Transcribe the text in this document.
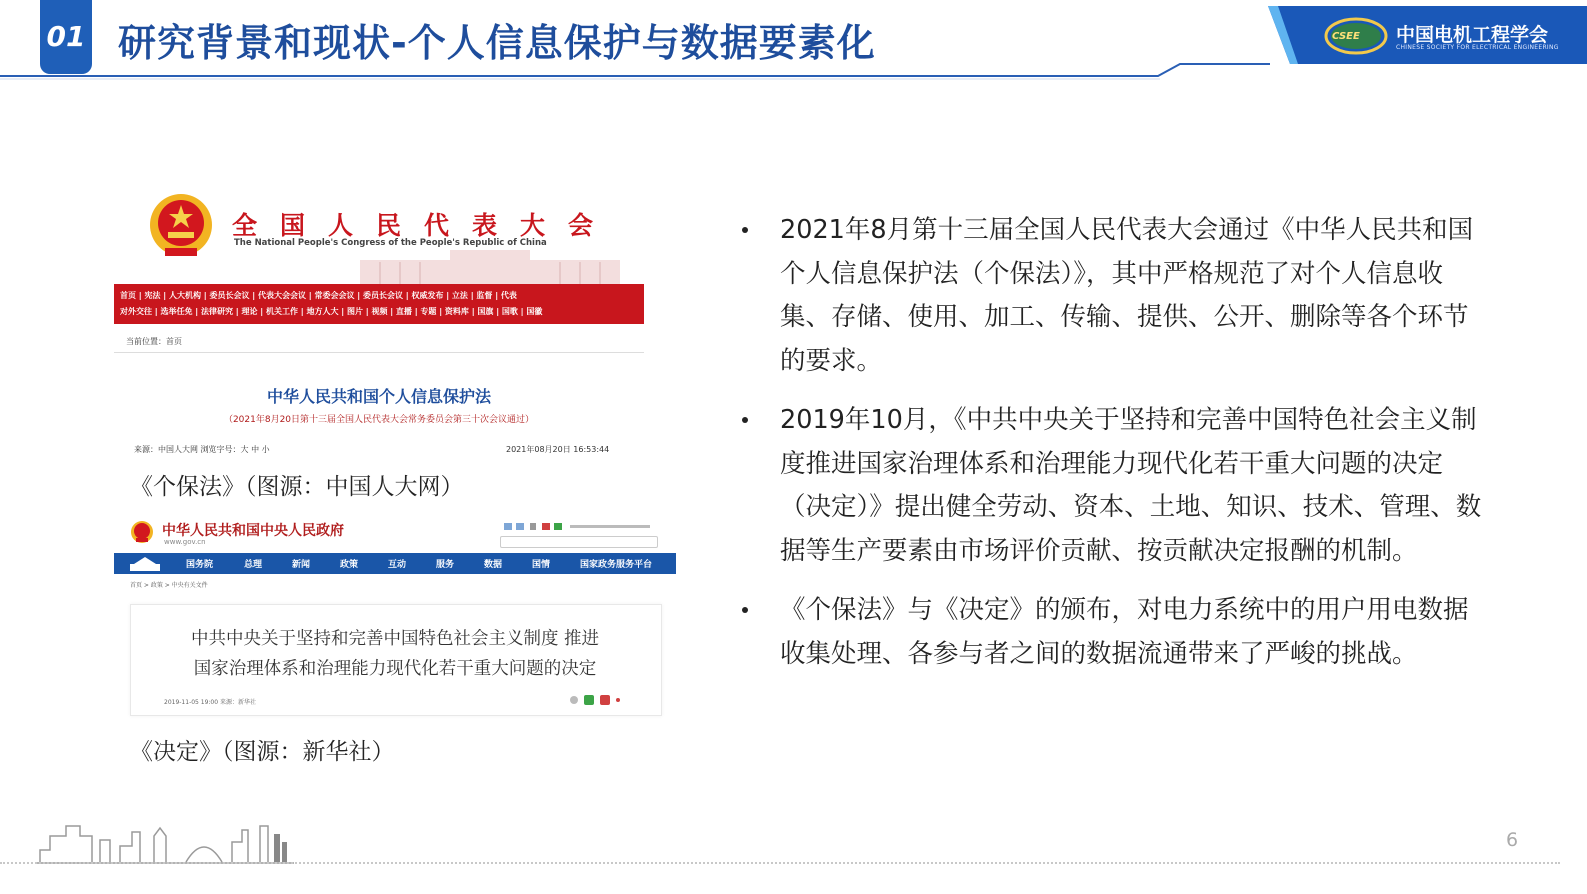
01 研究背景和现状-个人信息保护与数据要素化	CSEE 中国电机工程学会
CHINESE SOCIETY FOR ELECTRICAL ENGINEERING
全国人民代表大会
The National People's Congress of the People's Republic of China
首页 | 宪法 | 人大机构 | 委员长会议 | 代表大会会议 | 常委会会议 | 委员长会议 | 权威发布 | 立法 | 监督 | 代表
对外交往 | 选举任免 | 法律研究 | 理论 | 机关工作 | 地方人大 | 图片 | 视频 | 直播 | 专题 | 资料库 | 国旗 | 国歌 | 国徽
当前位置：首页
中华人民共和国个人信息保护法
（2021年8月20日第十三届全国人民代表大会常务委员会第三十次会议通过）
来源：中国人大网 浏览字号：大 中 小	2021年08月20日 16:53:44
《个保法》（图源：中国人大网）
中华人民共和国中央人民政府
www.gov.cn
国务院	总理	新闻	政策	互动	服务	数据	国情	国家政务服务平台
首页 > 政策 > 中央有关文件
中共中央关于坚持和完善中国特色社会主义制度 推进
国家治理体系和治理能力现代化若干重大问题的决定
2019-11-05 19:00 来源：新华社
《决定》（图源：新华社）
2021年8月第十三届全国人民代表大会通过《中华人民共和国个人信息保护法（个保法）》，其中严格规范了对个人信息收集、存储、使用、加工、传输、提供、公开、删除等各个环节的要求。
2019年10月，《中共中央关于坚持和完善中国特色社会主义制度推进国家治理体系和治理能力现代化若干重大问题的决定（决定）》提出健全劳动、资本、土地、知识、技术、管理、数据等生产要素由市场评价贡献、按贡献决定报酬的机制。
《个保法》与《决定》的颁布，对电力系统中的用户用电数据收集处理、各参与者之间的数据流通带来了严峻的挑战。
6
